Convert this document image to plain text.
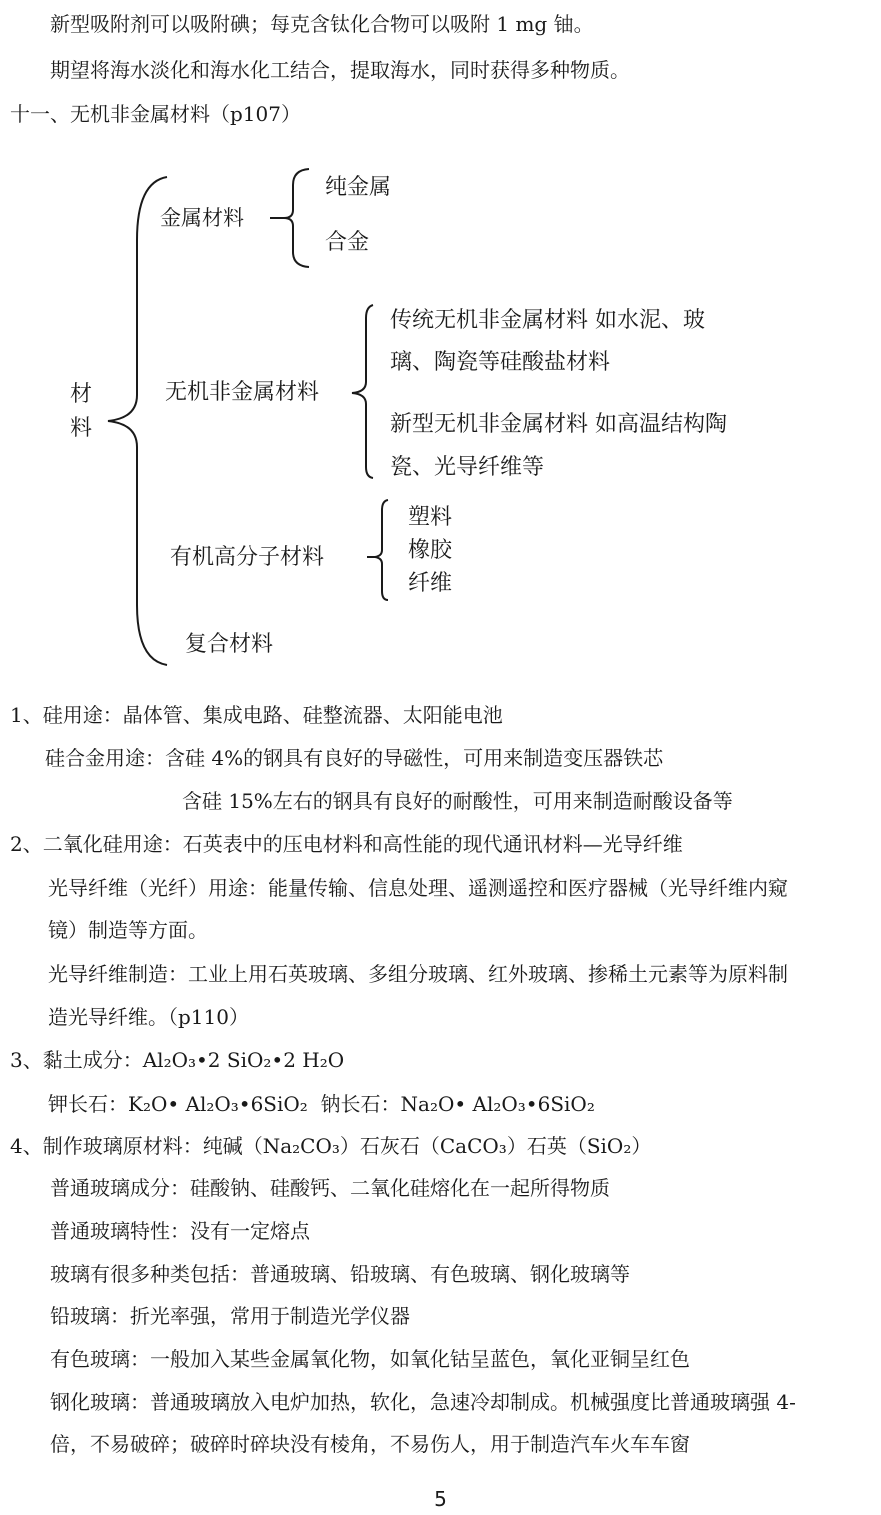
新型吸附剂可以吸附碘；每克含钛化合物可以吸附 1 mg 铀。
期望将海水淡化和海水化工结合，提取海水，同时获得多种物质。
十一、无机非金属材料（p107）
材
料
金属材料
纯金属
合金
无机非金属材料
传统无机非金属材料 如水泥、玻
璃、陶瓷等硅酸盐材料
新型无机非金属材料 如高温结构陶
瓷、光导纤维等
有机高分子材料
塑料
橡胶
纤维
复合材料
1、硅用途：晶体管、集成电路、硅整流器、太阳能电池
硅合金用途：含硅 4%的钢具有良好的导磁性，可用来制造变压器铁芯
含硅 15%左右的钢具有良好的耐酸性，可用来制造耐酸设备等
2、二氧化硅用途：石英表中的压电材料和高性能的现代通讯材料—光导纤维
光导纤维（光纤）用途：能量传输、信息处理、遥测遥控和医疗器械（光导纤维内窥
镜）制造等方面。
光导纤维制造：工业上用石英玻璃、多组分玻璃、红外玻璃、掺稀土元素等为原料制
造光导纤维。（p110）
3、黏土成分：Al₂O₃•2 SiO₂•2 H₂O
钾长石：K₂O• Al₂O₃•6SiO₂ 钠长石：Na₂O• Al₂O₃•6SiO₂
4、制作玻璃原材料：纯碱（Na₂CO₃）石灰石（CaCO₃）石英（SiO₂）
普通玻璃成分：硅酸钠、硅酸钙、二氧化硅熔化在一起所得物质
普通玻璃特性：没有一定熔点
玻璃有很多种类包括：普通玻璃、铅玻璃、有色玻璃、钢化玻璃等
铅玻璃：折光率强，常用于制造光学仪器
有色玻璃：一般加入某些金属氧化物，如氧化钴呈蓝色，氧化亚铜呈红色
钢化玻璃：普通玻璃放入电炉加热，软化，急速冷却制成。机械强度比普通玻璃强 4-
倍，不易破碎；破碎时碎块没有棱角，不易伤人，用于制造汽车火车车窗
5
